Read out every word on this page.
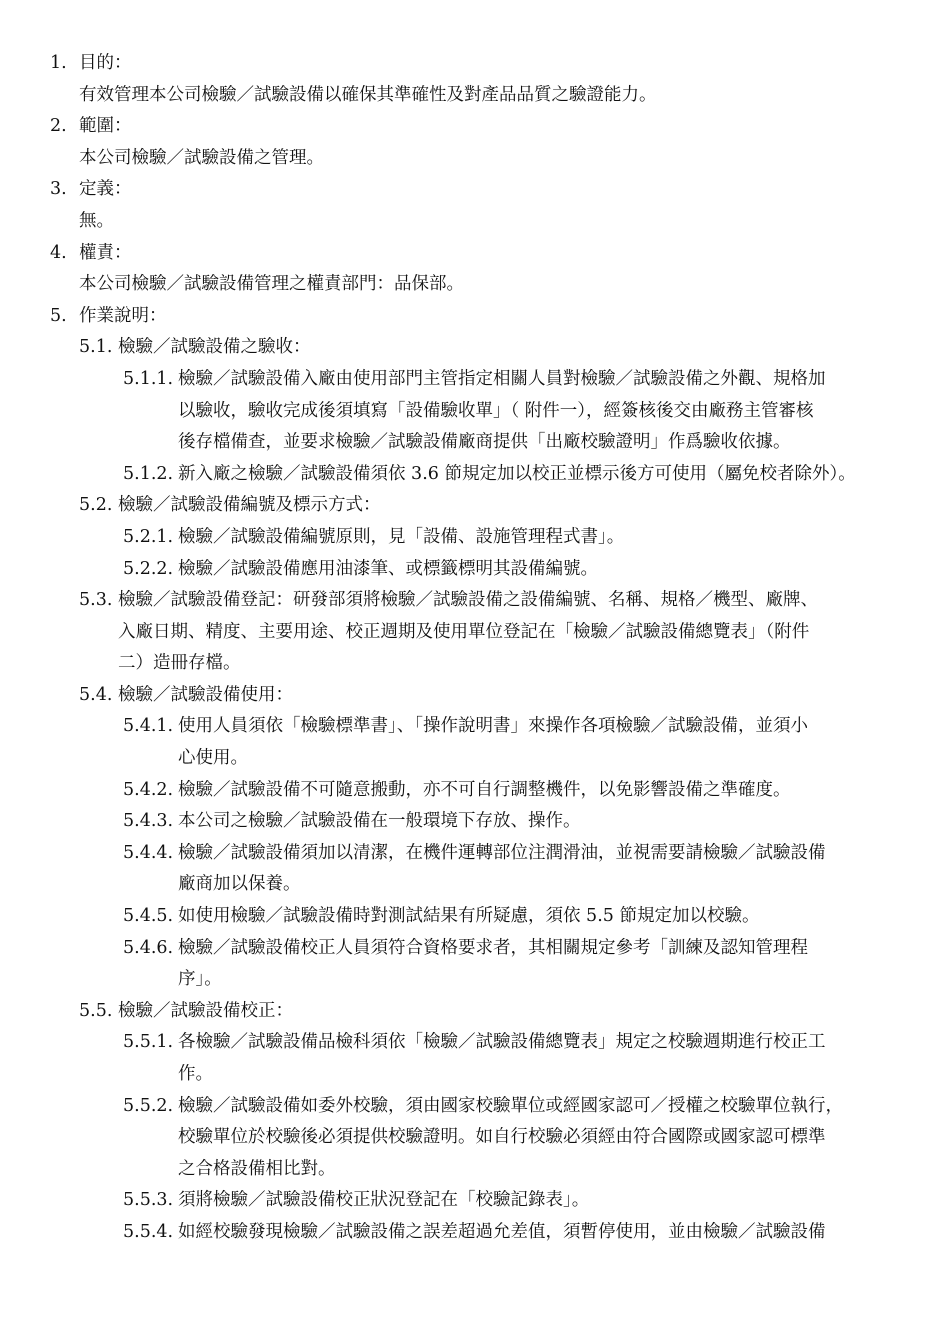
1. 目的：
有效管理本公司檢驗／試驗設備以確保其準確性及對產品品質之驗證能力。
2. 範圍：
本公司檢驗／試驗設備之管理。
3. 定義：
無。
4. 權責：
本公司檢驗／試驗設備管理之權責部門：品保部。
5. 作業說明：
5.1. 檢驗／試驗設備之驗收：
5.1.1. 檢驗／試驗設備入廠由使用部門主管指定相關人員對檢驗／試驗設備之外觀、規格加
以驗收，驗收完成後須填寫「設備驗收單」（ 附件一），經簽核後交由廠務主管審核
後存檔備查，並要求檢驗／試驗設備廠商提供「出廠校驗證明」作爲驗收依據。
5.1.2. 新入廠之檢驗／試驗設備須依 3.6 節規定加以校正並標示後方可使用（屬免校者除外）。
5.2. 檢驗／試驗設備編號及標示方式：
5.2.1. 檢驗／試驗設備編號原則，見「設備、設施管理程式書」。
5.2.2. 檢驗／試驗設備應用油漆筆、或標籤標明其設備編號。
5.3. 檢驗／試驗設備登記：研發部須將檢驗／試驗設備之設備編號、名稱、規格／機型、廠牌、
入廠日期、精度、主要用途、校正週期及使用單位登記在「檢驗／試驗設備總覽表」（附件
二）造冊存檔。
5.4. 檢驗／試驗設備使用：
5.4.1. 使用人員須依「檢驗標準書」、「操作說明書」來操作各項檢驗／試驗設備，並須小
心使用。
5.4.2. 檢驗／試驗設備不可隨意搬動，亦不可自行調整機件，以免影響設備之準確度。
5.4.3. 本公司之檢驗／試驗設備在一般環境下存放、操作。
5.4.4. 檢驗／試驗設備須加以清潔，在機件運轉部位注潤滑油，並視需要請檢驗／試驗設備
廠商加以保養。
5.4.5. 如使用檢驗／試驗設備時對測試結果有所疑慮，須依 5.5 節規定加以校驗。
5.4.6. 檢驗／試驗設備校正人員須符合資格要求者，其相關規定參考「訓練及認知管理程
序」。
5.5. 檢驗／試驗設備校正：
5.5.1. 各檢驗／試驗設備品檢科須依「檢驗／試驗設備總覽表」規定之校驗週期進行校正工
作。
5.5.2. 檢驗／試驗設備如委外校驗，須由國家校驗單位或經國家認可／授權之校驗單位執行，
校驗單位於校驗後必須提供校驗證明。如自行校驗必須經由符合國際或國家認可標準
之合格設備相比對。
5.5.3. 須將檢驗／試驗設備校正狀況登記在「校驗記錄表」。
5.5.4. 如經校驗發現檢驗／試驗設備之誤差超過允差值，須暫停使用，並由檢驗／試驗設備
